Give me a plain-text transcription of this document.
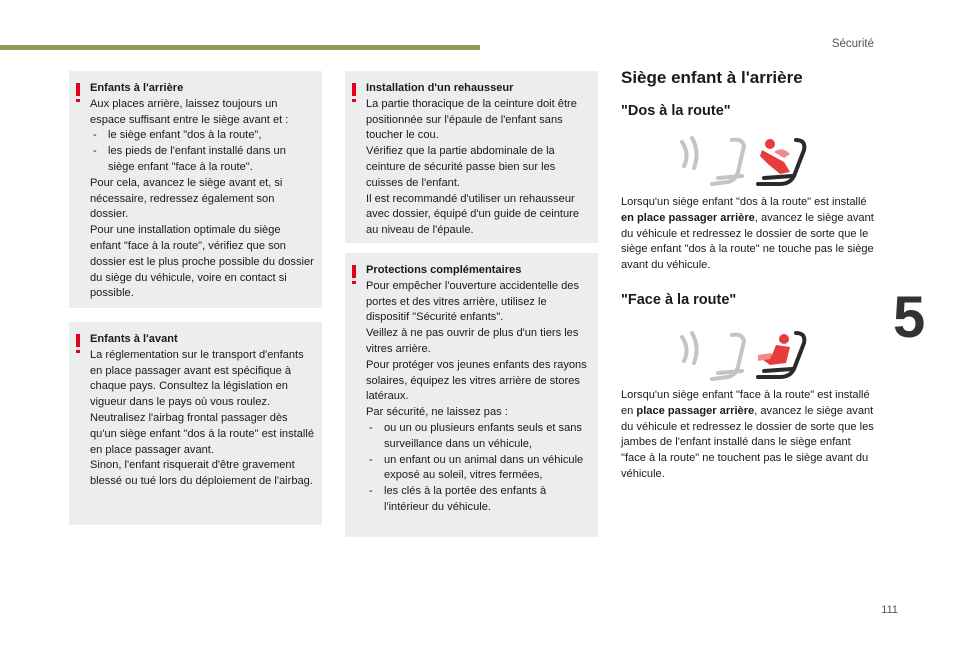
Sécurité
5
111
Enfants à l'arrière

Aux places arrière, laissez toujours un espace suffisant entre le siège avant et :

- le siège enfant "dos à la route",
- les pieds de l'enfant installé dans un siège enfant "face à la route".

Pour cela, avancez le siège avant et, si nécessaire, redressez également son dossier.

Pour une installation optimale du siège enfant "face à la route", vérifiez que son dossier est le plus proche possible du dossier du siège du véhicule, voire en contact si possible.

Enfants à l'avant

La réglementation sur le transport d'enfants en place passager avant est spécifique à chaque pays. Consultez la législation en vigueur dans le pays où vous roulez.

Neutralisez l'airbag frontal passager dès qu'un siège enfant "dos à la route" est installé en place passager avant.

Sinon, l'enfant risquerait d'être gravement blessé ou tué lors du déploiement de l'airbag.

Installation d'un rehausseur

La partie thoracique de la ceinture doit être positionnée sur l'épaule de l'enfant sans toucher le cou.

Vérifiez que la partie abdominale de la ceinture de sécurité passe bien sur les cuisses de l'enfant.

Il est recommandé d'utiliser un rehausseur avec dossier, équipé d'un guide de ceinture au niveau de l'épaule.

Protections complémentaires

Pour empêcher l'ouverture accidentelle des portes et des vitres arrière, utilisez le dispositif "Sécurité enfants".

Veillez à ne pas ouvrir de plus d'un tiers les vitres arrière.

Pour protéger vos jeunes enfants des rayons solaires, équipez les vitres arrière de stores latéraux.

Par sécurité, ne laissez pas :

- ou un ou plusieurs enfants seuls et sans surveillance dans un véhicule,
- un enfant ou un animal dans un véhicule exposé au soleil, vitres fermées,
- les clés à la portée des enfants à l'intérieur du véhicule.
Siège enfant à l'arrière
"Dos à la route"

Lorsqu'un siège enfant "dos à la route" est installé en place passager arrière, avancez le siège avant du véhicule et redressez le dossier de sorte que le siège enfant "dos à la route" ne touche pas le siège avant du véhicule.

"Face à la route"

Lorsqu'un siège enfant "face à la route" est installé en place passager arrière, avancez le siège avant du véhicule et redressez le dossier de sorte que les jambes de l'enfant installé dans le siège enfant "face à la route" ne touchent pas le siège avant du véhicule.
